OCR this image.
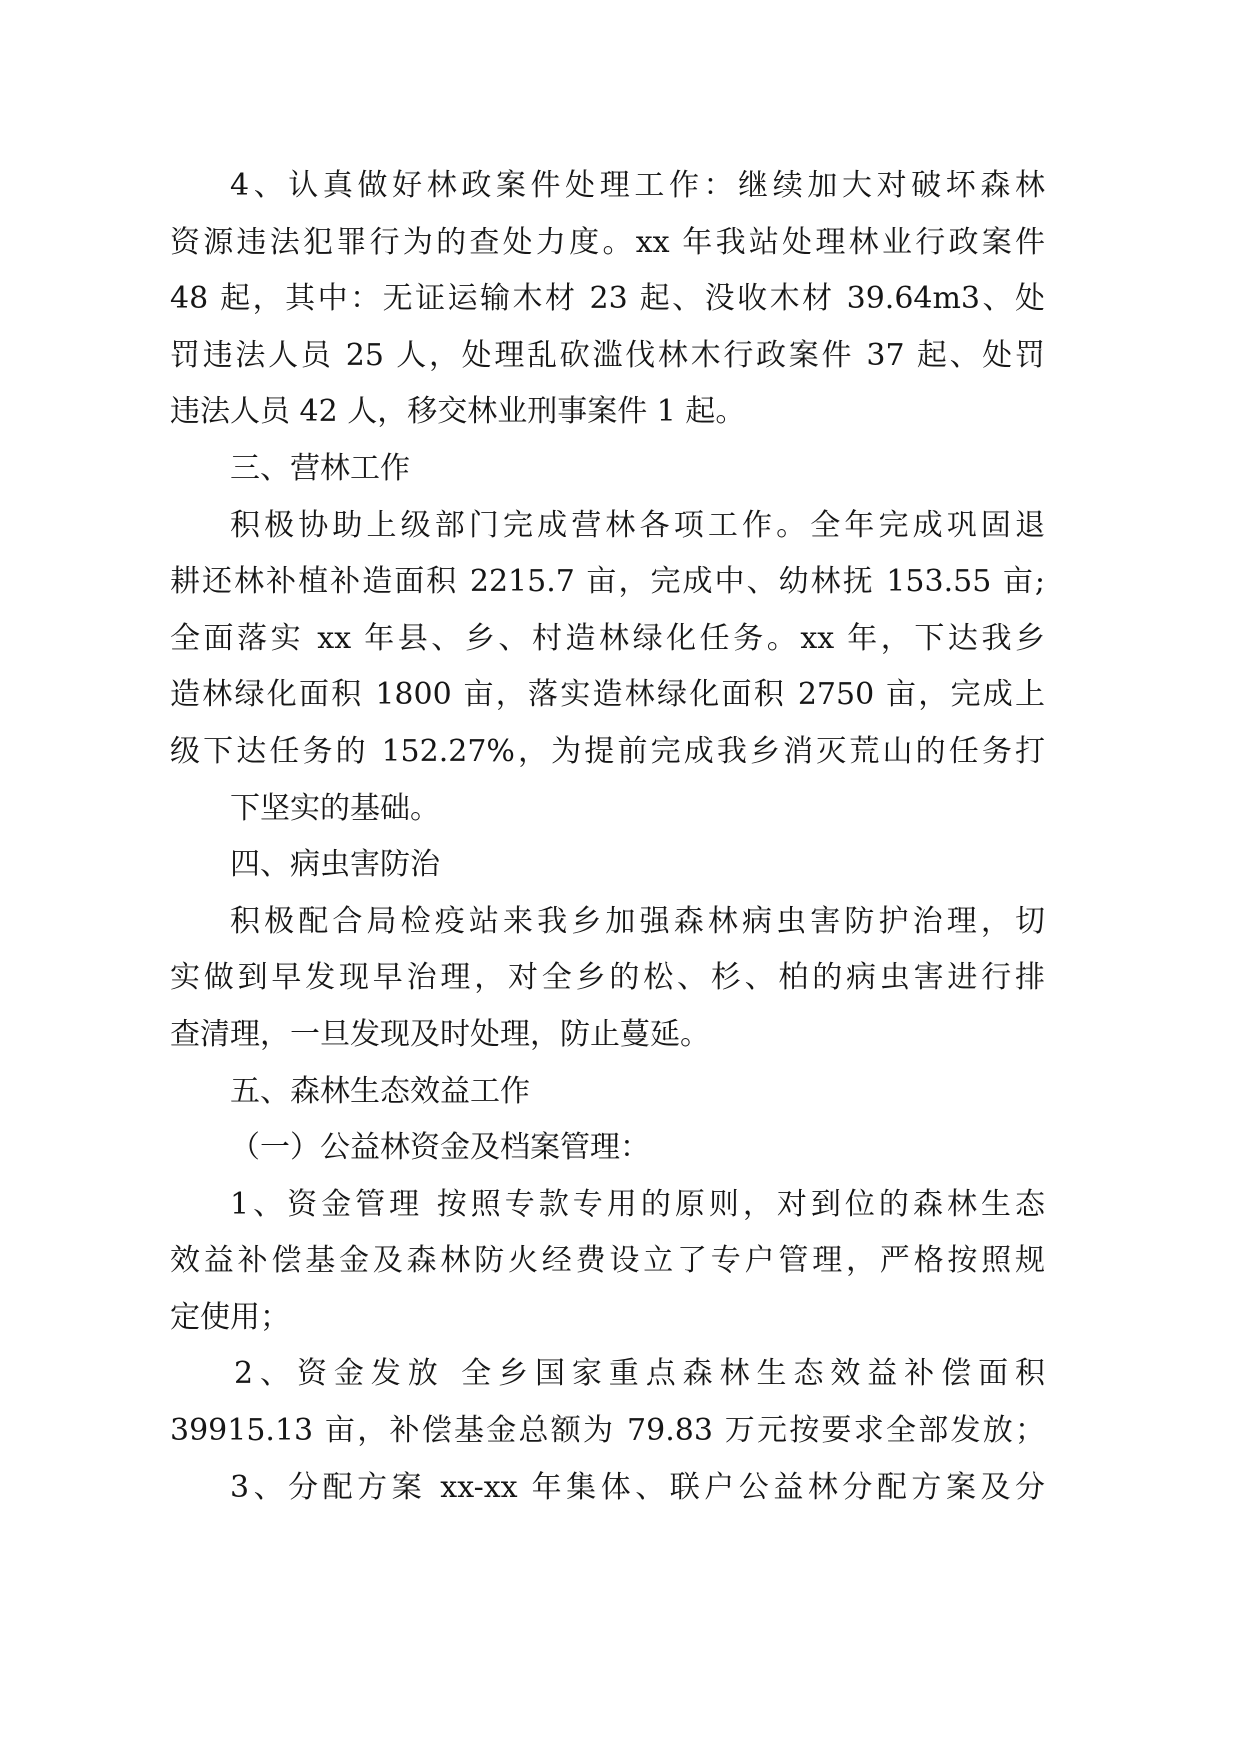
4、认真做好林政案件处理工作：继续加大对破坏森林
资源违法犯罪行为的查处力度。xx 年我站处理林业行政案件
48 起，其中：无证运输木材 23 起、没收木材 39.64m3、处
罚违法人员 25 人，处理乱砍滥伐林木行政案件 37 起、处罚
违法人员 42 人，移交林业刑事案件 1 起。
三、营林工作
积极协助上级部门完成营林各项工作。全年完成巩固退
耕还林补植补造面积 2215.7 亩，完成中、幼林抚 153.55 亩;
全面落实 xx 年县、乡、村造林绿化任务。xx 年，下达我乡
造林绿化面积 1800 亩，落实造林绿化面积 2750 亩，完成上
级下达任务的 152.27%，为提前完成我乡消灭荒山的任务打
下坚实的基础。
四、病虫害防治
积极配合局检疫站来我乡加强森林病虫害防护治理，切
实做到早发现早治理，对全乡的松、杉、柏的病虫害进行排
查清理，一旦发现及时处理，防止蔓延。
五、森林生态效益工作
（一）公益林资金及档案管理：
1、资金管理 按照专款专用的原则，对到位的森林生态
效益补偿基金及森林防火经费设立了专户管理，严格按照规
定使用；
2、资金发放 全乡国家重点森林生态效益补偿面积
39915.13 亩，补偿基金总额为 79.83 万元按要求全部发放；
3、分配方案 xx-xx 年集体、联户公益林分配方案及分
